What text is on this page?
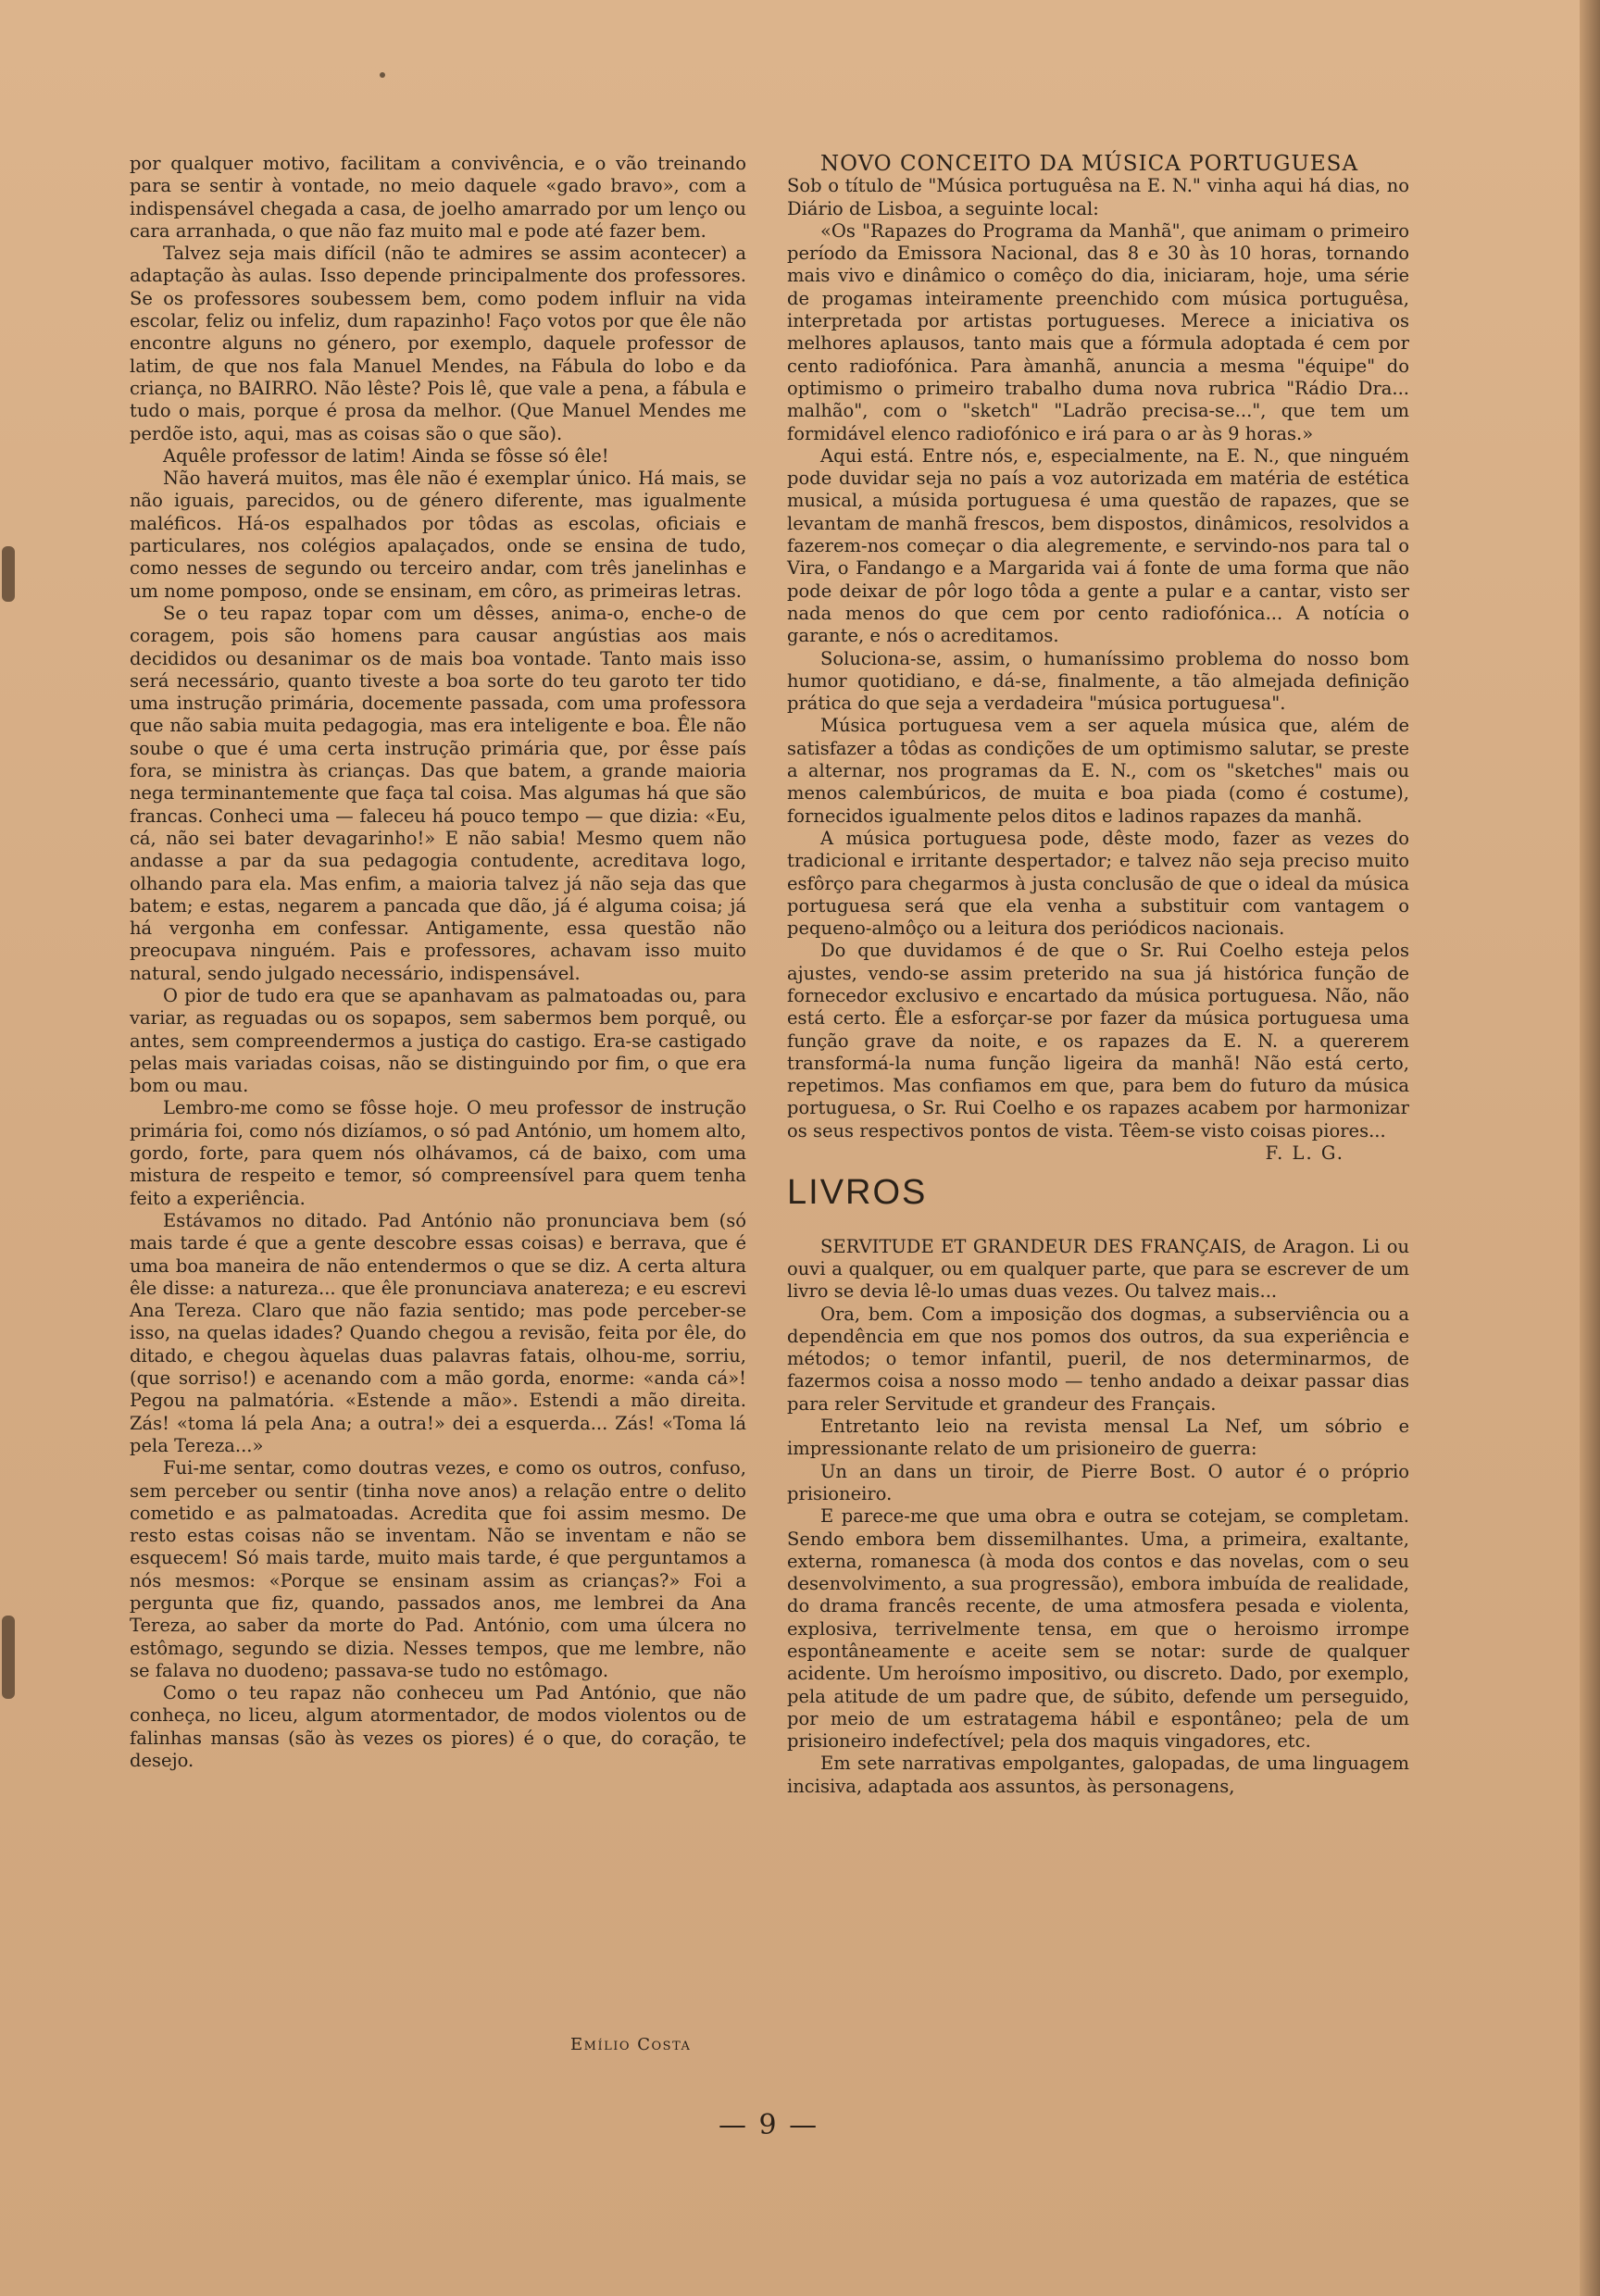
por qualquer motivo, facilitam a convivência, e o vão treinando para se sentir à vontade, no meio daquele «gado bravo», com a indispensável chegada a casa, de joelho amarrado por um lenço ou cara arranhada, o que não faz muito mal e pode até fazer bem.

Talvez seja mais difícil (não te admires se assim acontecer) a adaptação às aulas. Isso depende principalmente dos professores. Se os professores soubessem bem, como podem influir na vida escolar, feliz ou infeliz, dum rapazinho! Faço votos por que êle não encontre alguns no género, por exemplo, daquele professor de latim, de que nos fala Manuel Mendes, na Fábula do lobo e da criança, no BAIRRO. Não lêste? Pois lê, que vale a pena, a fábula e tudo o mais, porque é prosa da melhor. (Que Manuel Mendes me perdõe isto, aqui, mas as coisas são o que são).

Aquêle professor de latim! Ainda se fôsse só êle!

Não haverá muitos, mas êle não é exemplar único. Há mais, se não iguais, parecidos, ou de género diferente, mas igualmente maléficos. Há-os espalhados por tôdas as escolas, oficiais e particulares, nos colégios apalaçados, onde se ensina de tudo, como nesses de segundo ou terceiro andar, com três janelinhas e um nome pomposo, onde se ensinam, em côro, as primeiras letras.

Se o teu rapaz topar com um dêsses, anima-o, enche-o de coragem, pois são homens para causar angústias aos mais decididos ou desanimar os de mais boa vontade. Tanto mais isso será necessário, quanto tiveste a boa sorte do teu garoto ter tido uma instrução primária, docemente passada, com uma professora que não sabia muita pedagogia, mas era inteligente e boa. Êle não soube o que é uma certa instrução primária que, por êsse país fora, se ministra às crianças. Das que batem, a grande maioria nega terminantemente que faça tal coisa. Mas algumas há que são francas. Conheci uma — faleceu há pouco tempo — que dizia: «Eu, cá, não sei bater devagarinho!» E não sabia! Mesmo quem não andasse a par da sua pedagogia contudente, acreditava logo, olhando para ela. Mas enfim, a maioria talvez já não seja das que batem; e estas, negarem a pancada que dão, já é alguma coisa; já há vergonha em confessar. Antigamente, essa questão não preocupava ninguém. Pais e professores, achavam isso muito natural, sendo julgado necessário, indispensável.

O pior de tudo era que se apanhavam as palmatoadas ou, para variar, as reguadas ou os sopapos, sem sabermos bem porquê, ou antes, sem compreendermos a justiça do castigo. Era-se castigado pelas mais variadas coisas, não se distinguindo por fim, o que era bom ou mau.

Lembro-me como se fôsse hoje. O meu professor de instrução primária foi, como nós dizíamos, o só pad António, um homem alto, gordo, forte, para quem nós olhávamos, cá de baixo, com uma mistura de respeito e temor, só compreensível para quem tenha feito a experiência.

Estávamos no ditado. Pad António não pronunciava bem (só mais tarde é que a gente descobre essas coisas) e berrava, que é uma boa maneira de não entendermos o que se diz. A certa altura êle disse: a natureza... que êle pronunciava anatereza; e eu escrevi Ana Tereza. Claro que não fazia sentido; mas pode perceber-se isso, na quelas idades? Quando chegou a revisão, feita por êle, do ditado, e chegou àquelas duas palavras fatais, olhou-me, sorriu,(que sorriso!) e acenando com a mão gorda, enorme: «anda cá»! Pegou na palmatória. «Estende a mão». Estendi a mão direita. Zás! «toma lá pela Ana; a outra!» dei a esquerda... Zás! «Toma lá pela Tereza...»

Fui-me sentar, como doutras vezes, e como os outros, confuso, sem perceber ou sentir (tinha nove anos) a relação entre o delito cometido e as palmatoadas. Acredita que foi assim mesmo. De resto estas coisas não se inventam. Não se inventam e não se esquecem! Só mais tarde, muito mais tarde, é que perguntamos a nós mesmos: «Porque se ensinam assim as crianças?» Foi a pergunta que fiz, quando, passados anos, me lembrei da Ana Tereza, ao saber da morte do Pad. António, com uma úlcera no estômago, segundo se dizia. Nesses tempos, que me lembre, não se falava no duodeno; passava-se tudo no estômago.

Como o teu rapaz não conheceu um Pad António, que não conheça, no liceu, algum atormentador, de modos violentos ou de falinhas mansas (são às vezes os piores) é o que, do coração, te desejo.

Emílio Costa

NOVO CONCEITO DA MÚSICA PORTUGUESA

Sob o título de "Música portuguêsa na E. N." vinha aqui há dias, no Diário de Lisboa, a seguinte local:

«Os "Rapazes do Programa da Manhã", que animam o primeiro período da Emissora Nacional, das 8 e 30 às 10 horas, tornando mais vivo e dinâmico o comêço do dia, iniciaram, hoje, uma série de progamas inteiramente preenchido com música portuguêsa, interpretada por artistas portugueses. Merece a iniciativa os melhores aplausos, tanto mais que a fórmula adoptada é cem por cento radiofónica. Para àmanhã, anuncia a mesma "équipe" do optimismo o primeiro trabalho duma nova rubrica "Rádio Dra... malhão", com o "sketch" "Ladrão precisa-se...", que tem um formidável elenco radiofónico e irá para o ar às 9 horas.»

Aqui está. Entre nós, e, especialmente, na E. N., que ninguém pode duvidar seja no país a voz autorizada em matéria de estética musical, a músida portuguesa é uma questão de rapazes, que se levantam de manhã frescos, bem dispostos, dinâmicos, resolvidos a fazerem-nos começar o dia alegremente, e servindo-nos para tal o Vira, o Fandango e a Margarida vai á fonte de uma forma que não pode deixar de pôr logo tôda a gente a pular e a cantar, visto ser nada menos do que cem por cento radiofónica... A notícia o garante, e nós o acreditamos.

Soluciona-se, assim, o humaníssimo problema do nosso bom humor quotidiano, e dá-se, finalmente, a tão almejada definição prática do que seja a verdadeira "música portuguesa".

Música portuguesa vem a ser aquela música que, além de satisfazer a tôdas as condições de um optimismo salutar, se preste a alternar, nos programas da E. N., com os "sketches" mais ou menos calembúricos, de muita e boa piada (como é costume), fornecidos igualmente pelos ditos e ladinos rapazes da manhã.

A música portuguesa pode, dêste modo, fazer as vezes do tradicional e irritante despertador; e talvez não seja preciso muito esfôrço para chegarmos à justa conclusão de que o ideal da música portuguesa será que ela venha a substituir com vantagem o pequeno-almôço ou a leitura dos periódicos nacionais.

Do que duvidamos é de que o Sr. Rui Coelho esteja pelos ajustes, vendo-se assim preterido na sua já histórica função de fornecedor exclusivo e encartado da música portuguesa. Não, não está certo. Êle a esforçar-se por fazer da música portuguesa uma função grave da noite, e os rapazes da E. N. a quererem transformá-la numa função ligeira da manhã! Não está certo, repetimos. Mas confiamos em que, para bem do futuro da música portuguesa, o Sr. Rui Coelho e os rapazes acabem por harmonizar os seus respectivos pontos de vista. Têem-se visto coisas piores...

F. L. G.

LIVROS

SERVITUDE ET GRANDEUR DES FRANÇAIS, de Aragon. Li ou ouvi a qualquer, ou em qualquer parte, que para se escrever de um livro se devia lê-lo umas duas vezes. Ou talvez mais...

Ora, bem. Com a imposição dos dogmas, a subserviência ou a dependência em que nos pomos dos outros, da sua experiência e métodos; o temor infantil, pueril, de nos determinarmos, de fazermos coisa a nosso modo — tenho andado a deixar passar dias para reler Servitude et grandeur des Français.

Entretanto leio na revista mensal La Nef, um sóbrio e impressionante relato de um prisioneiro de guerra:

Un an dans un tiroir, de Pierre Bost. O autor é o próprio prisioneiro.

E parece-me que uma obra e outra se cotejam, se completam. Sendo embora bem dissemilhantes. Uma, a primeira, exaltante, externa, romanesca (à moda dos contos e das novelas, com o seu desenvolvimento, a sua progressão), embora imbuída de realidade, do drama francês recente, de uma atmosfera pesada e violenta, explosiva, terrivelmente tensa, em que o heroismo irrompe espontâneamente e aceite sem se notar: surde de qualquer acidente. Um heroísmo impositivo, ou discreto. Dado, por exemplo, pela atitude de um padre que, de súbito, defende um perseguido, por meio de um estratagema hábil e espontâneo; pela de um prisioneiro indefectível; pela dos maquis vingadores, etc.

Em sete narrativas empolgantes, galopadas, de uma linguagem incisiva, adaptada aos assuntos, às personagens,

— 9 —
